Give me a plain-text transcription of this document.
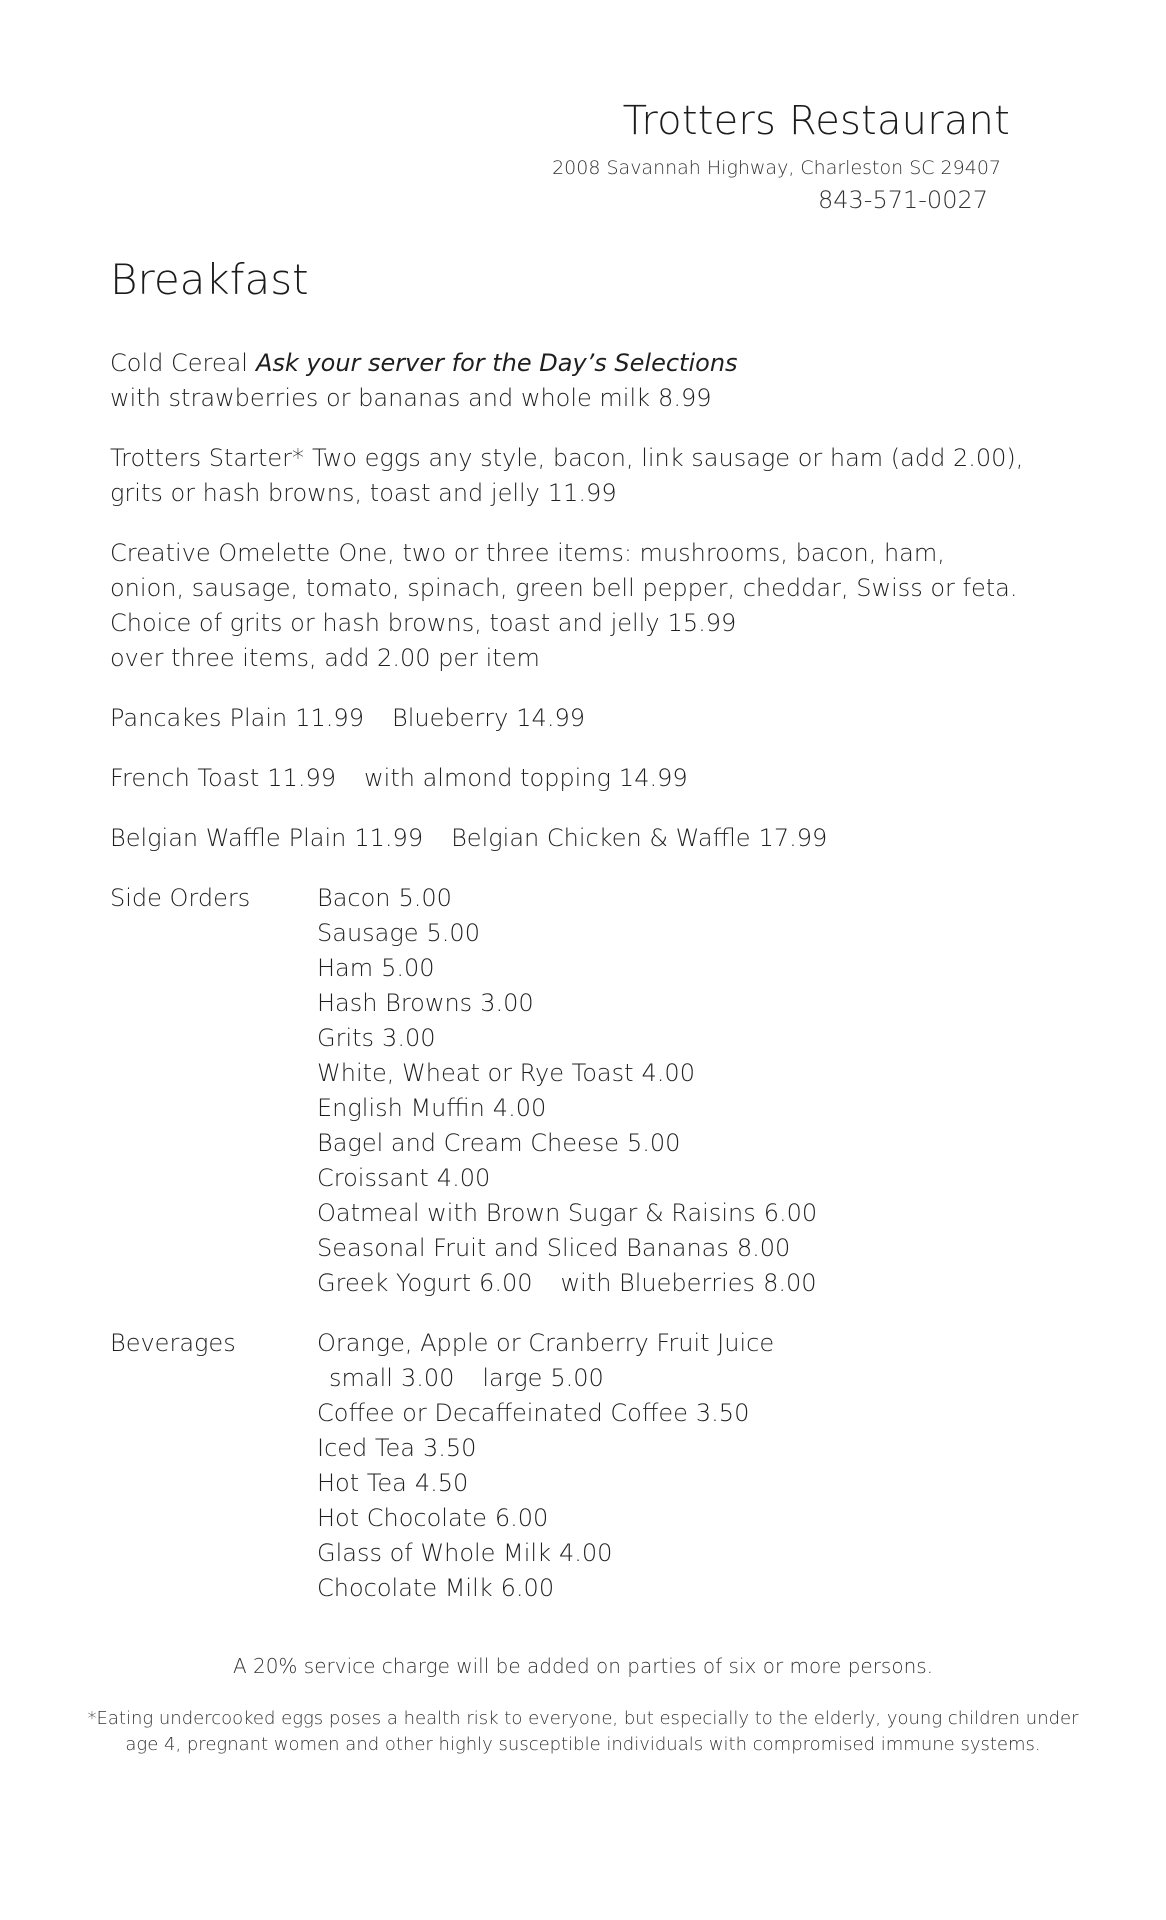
Trotters Restaurant
2008 Savannah Highway, Charleston SC 29407
843-571-0027
Breakfast

Cold Cereal Ask your server for the Day’s Selections

with strawberries or bananas and whole milk 8.99

Trotters Starter* Two eggs any style, bacon, link sausage or ham (add 2.00),

grits or hash browns, toast and jelly 11.99

Creative Omelette One, two or three items: mushrooms, bacon, ham,

onion, sausage, tomato, spinach, green bell pepper, cheddar, Swiss or feta.

Choice of grits or hash browns, toast and jelly 15.99

over three items, add 2.00 per item

Pancakes Plain 11.99 Blueberry 14.99

French Toast 11.99 with almond topping 14.99

Belgian Waffle Plain 11.99 Belgian Chicken & Waffle 17.99

Side Orders	Bacon 5.00

Sausage 5.00

Ham 5.00

Hash Browns 3.00

Grits 3.00

White, Wheat or Rye Toast 4.00

English Muffin 4.00

Bagel and Cream Cheese 5.00

Croissant 4.00

Oatmeal with Brown Sugar & Raisins 6.00

Seasonal Fruit and Sliced Bananas 8.00

Greek Yogurt 6.00 with Blueberries 8.00

Beverages	Orange, Apple or Cranberry Fruit Juice

small 3.00 large 5.00

Coffee or Decaffeinated Coffee 3.50

Iced Tea 3.50

Hot Tea 4.50

Hot Chocolate 6.00

Glass of Whole Milk 4.00

Chocolate Milk 6.00

A 20% service charge will be added on parties of six or more persons.

*Eating undercooked eggs poses a health risk to everyone, but especially to the elderly, young children under

age 4, pregnant women and other highly susceptible individuals with compromised immune systems.
